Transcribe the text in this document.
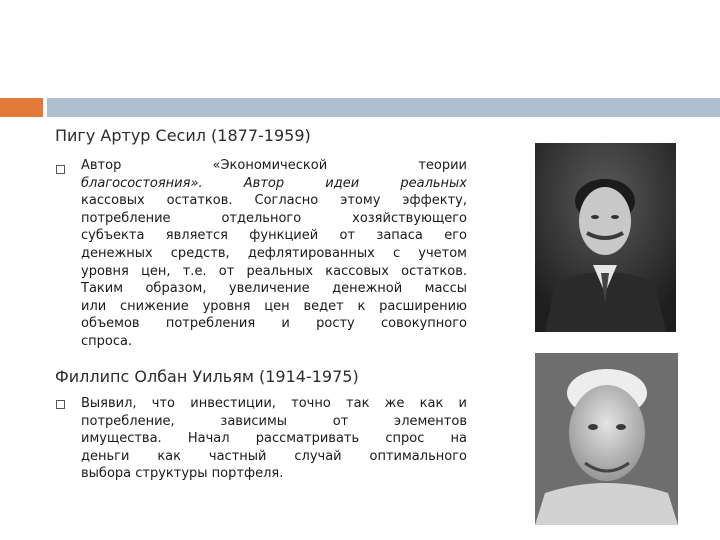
Пигу Артур Сесил (1877-1959)
Автор «Экономической теории
благосостояния». Автор идеи реальных
кассовых остатков. Согласно этому эффекту,
потребление отдельного хозяйствующего
субъекта является функцией от запаса его
денежных средств, дефлятированных с учетом
уровня цен, т.е. от реальных кассовых остатков.
Таким образом, увеличение денежной массы
или снижение уровня цен ведет к расширению
объемов потребления и росту совокупного
спроса.
Филлипс Олбан Уильям (1914-1975)
Выявил, что инвестиции, точно так же как и
потребление, зависимы от элементов
имущества. Начал рассматривать спрос на
деньги как частный случай оптимального
выбора структуры портфеля.
